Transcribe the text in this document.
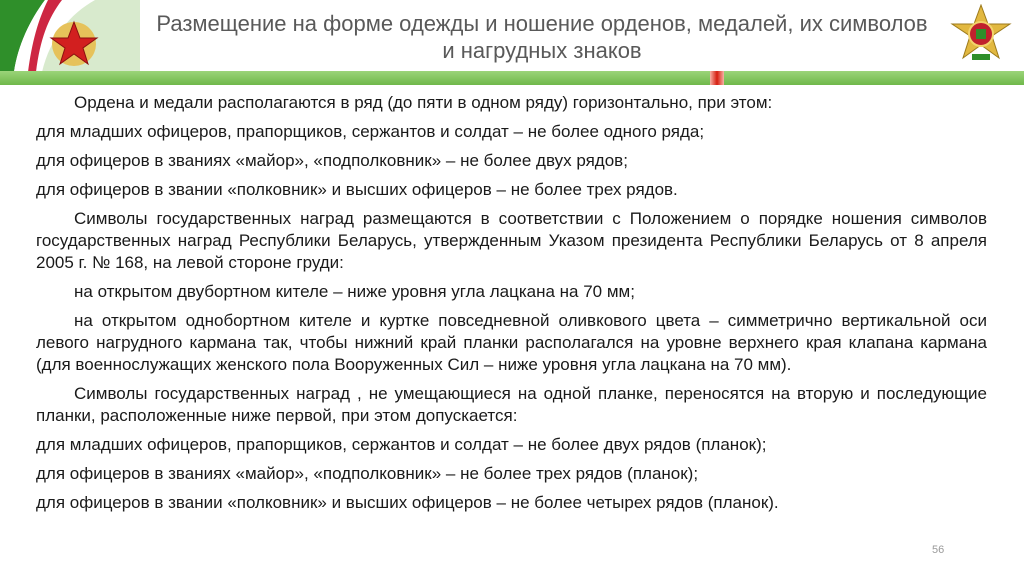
Размещение на форме одежды и ношение орденов, медалей, их символов и нагрудных знаков

Ордена и медали располагаются в ряд (до пяти в одном ряду) горизонтально, при этом:

для младших офицеров, прапорщиков, сержантов и солдат – не более одного ряда;

для офицеров в званиях «майор», «подполковник» – не более двух рядов;

для офицеров в звании «полковник» и высших офицеров – не более трех рядов.

Символы государственных наград размещаются в соответствии с Положением о порядке ношения символов государственных наград Республики Беларусь, утвержденным Указом президента Республики Беларусь от 8 апреля 2005 г. № 168, на левой стороне груди:

на открытом двубортном кителе – ниже уровня угла лацкана на 70 мм;

на открытом однобортном кителе и куртке повседневной оливкового цвета – симметрично вертикальной оси левого нагрудного кармана так, чтобы нижний край планки располагался на уровне верхнего края клапана кармана (для военнослужащих женского пола Вооруженных Сил – ниже уровня угла лацкана на 70 мм).

Символы государственных наград , не умещающиеся на одной планке, переносятся на вторую и последующие планки, расположенные ниже первой, при этом допускается:

для младших офицеров, прапорщиков, сержантов и солдат – не более двух рядов (планок);

для офицеров в званиях «майор», «подполковник» – не более трех рядов (планок);

для офицеров в звании «полковник» и высших офицеров – не более четырех рядов (планок).

56
